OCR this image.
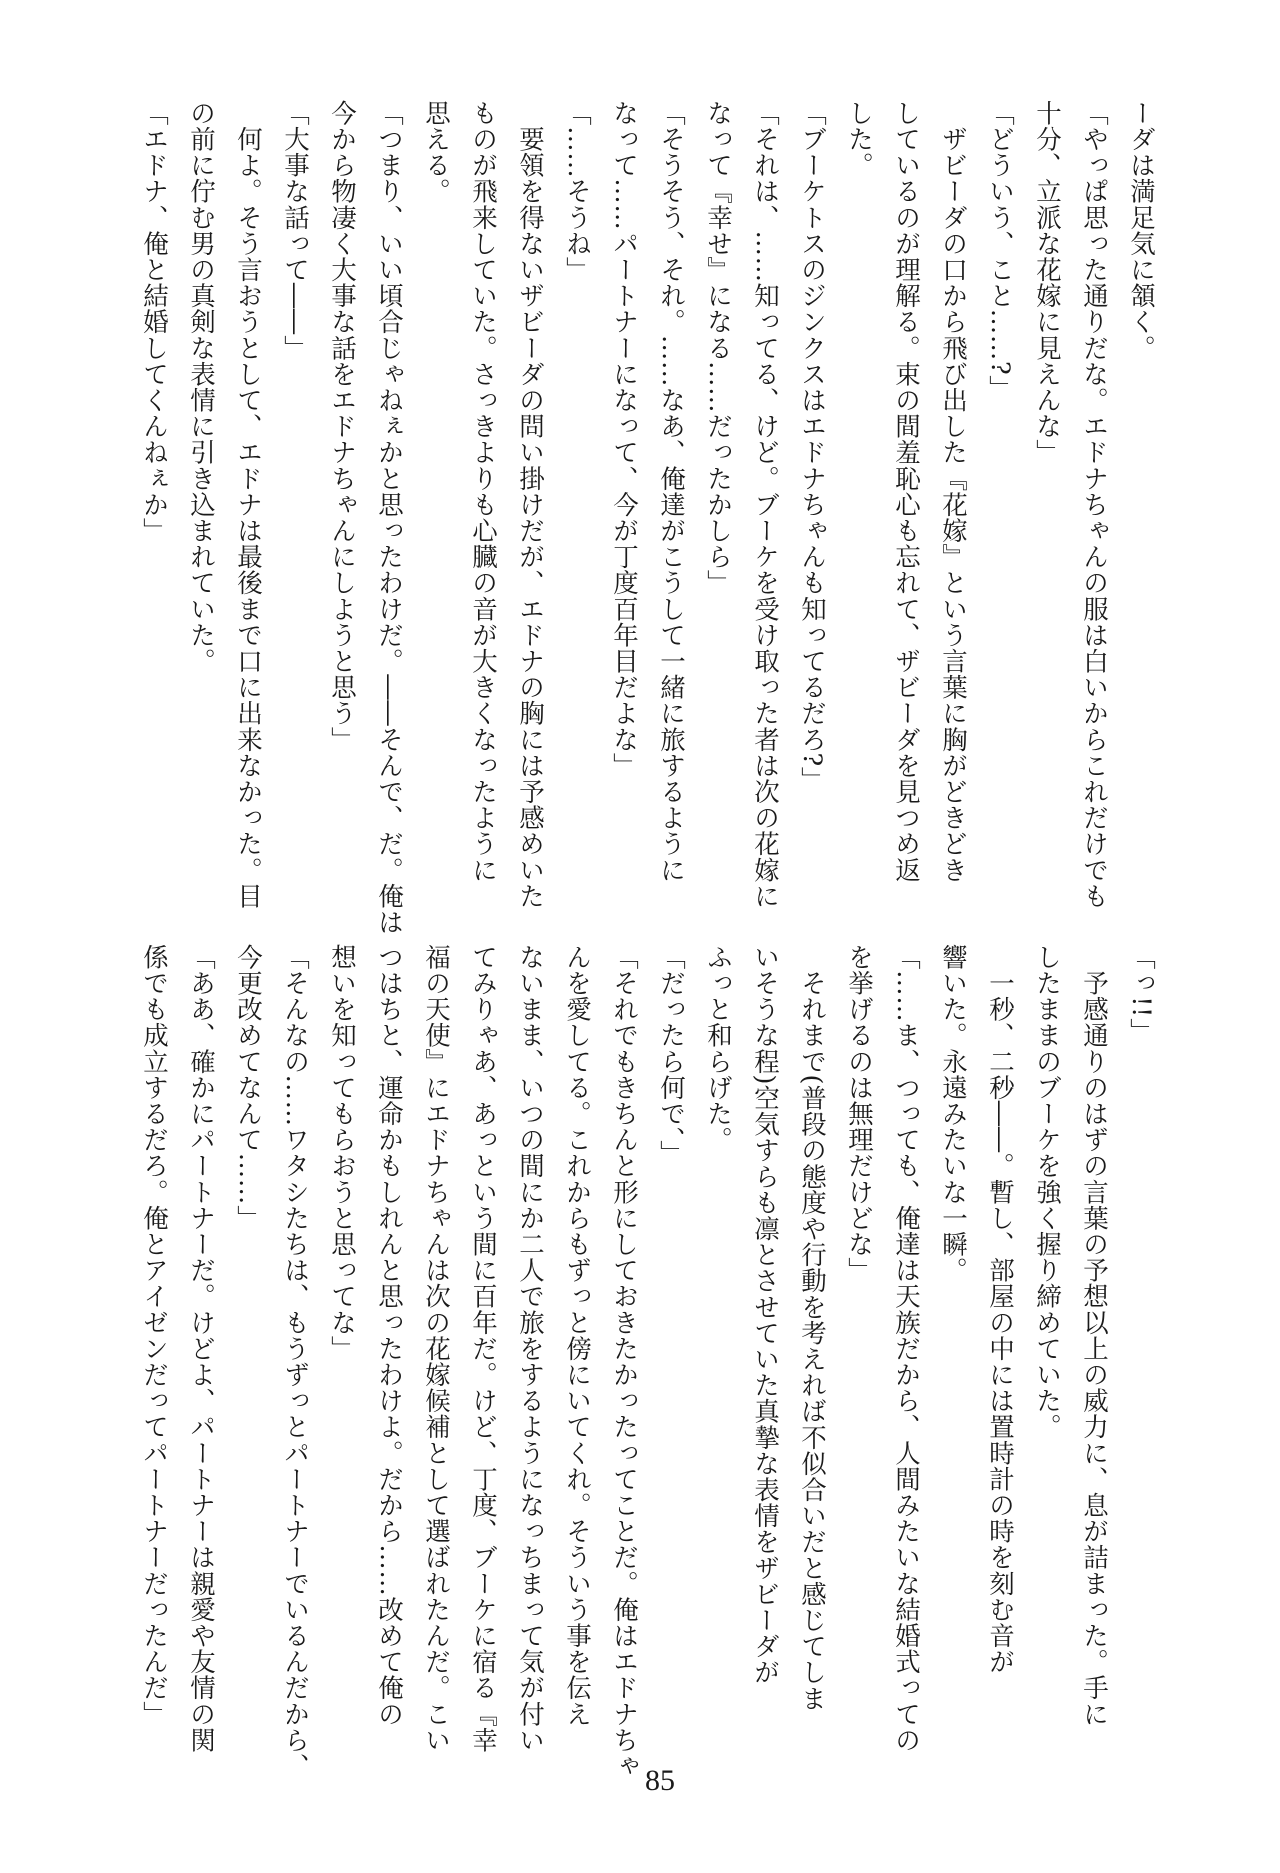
ーダは満足気に頷く。
「やっぱ思った通りだな。エドナちゃんの服は白いからこれだけでも
十分、立派な花嫁に見えんな」
「どういう、こと……?」
　ザビーダの口から飛び出した『花嫁』という言葉に胸がどきどき
しているのが理解る。束の間羞恥心も忘れて、ザビーダを見つめ返
した。
「ブーケトスのジンクスはエドナちゃんも知ってるだろ?」
「それは、……知ってる、けど。ブーケを受け取った者は次の花嫁に
なって『幸せ』になる……だったかしら」
「そうそう、それ。……なあ、俺達がこうして一緒に旅するように
なって……パートナーになって、今が丁度百年目だよな」
「……そうね」
　要領を得ないザビーダの問い掛けだが、エドナの胸には予感めいた
ものが飛来していた。さっきよりも心臓の音が大きくなったように
思える。
「つまり、いい頃合じゃねぇかと思ったわけだ。――そんで、だ。俺は
今から物凄く大事な話をエドナちゃんにしようと思う」
「大事な話って――」
　何よ。そう言おうとして、エドナは最後まで口に出来なかった。目
の前に佇む男の真剣な表情に引き込まれていた。
「エドナ、俺と結婚してくんねぇか」
「っ!!」
　予感通りのはずの言葉の予想以上の威力に、息が詰まった。手に
したままのブーケを強く握り締めていた。
　一秒、二秒――。暫し、部屋の中には置時計の時を刻む音が
響いた。永遠みたいな一瞬。
「……ま、つっても、俺達は天族だから、人間みたいな結婚式っての
を挙げるのは無理だけどな」
　それまで(普段の態度や行動を考えれば不似合いだと感じてしま
いそうな程)空気すらも凛とさせていた真摯な表情をザビーダが
ふっと和らげた。
「だったら何で、」
「それでもきちんと形にしておきたかったってことだ。俺はエドナちゃ
んを愛してる。これからもずっと傍にいてくれ。そういう事を伝え
ないまま、いつの間にか二人で旅をするようになっちまって気が付い
てみりゃあ、あっという間に百年だ。けど、丁度、ブーケに宿る『幸
福の天使』にエドナちゃんは次の花嫁候補として選ばれたんだ。こい
つはちと、運命かもしれんと思ったわけよ。だから……改めて俺の
想いを知ってもらおうと思ってな」
「そんなの……ワタシたちは、もうずっとパートナーでいるんだから、
今更改めてなんて……」
「ああ、確かにパートナーだ。けどよ、パートナーは親愛や友情の関
係でも成立するだろ。俺とアイゼンだってパートナーだったんだ」
85
